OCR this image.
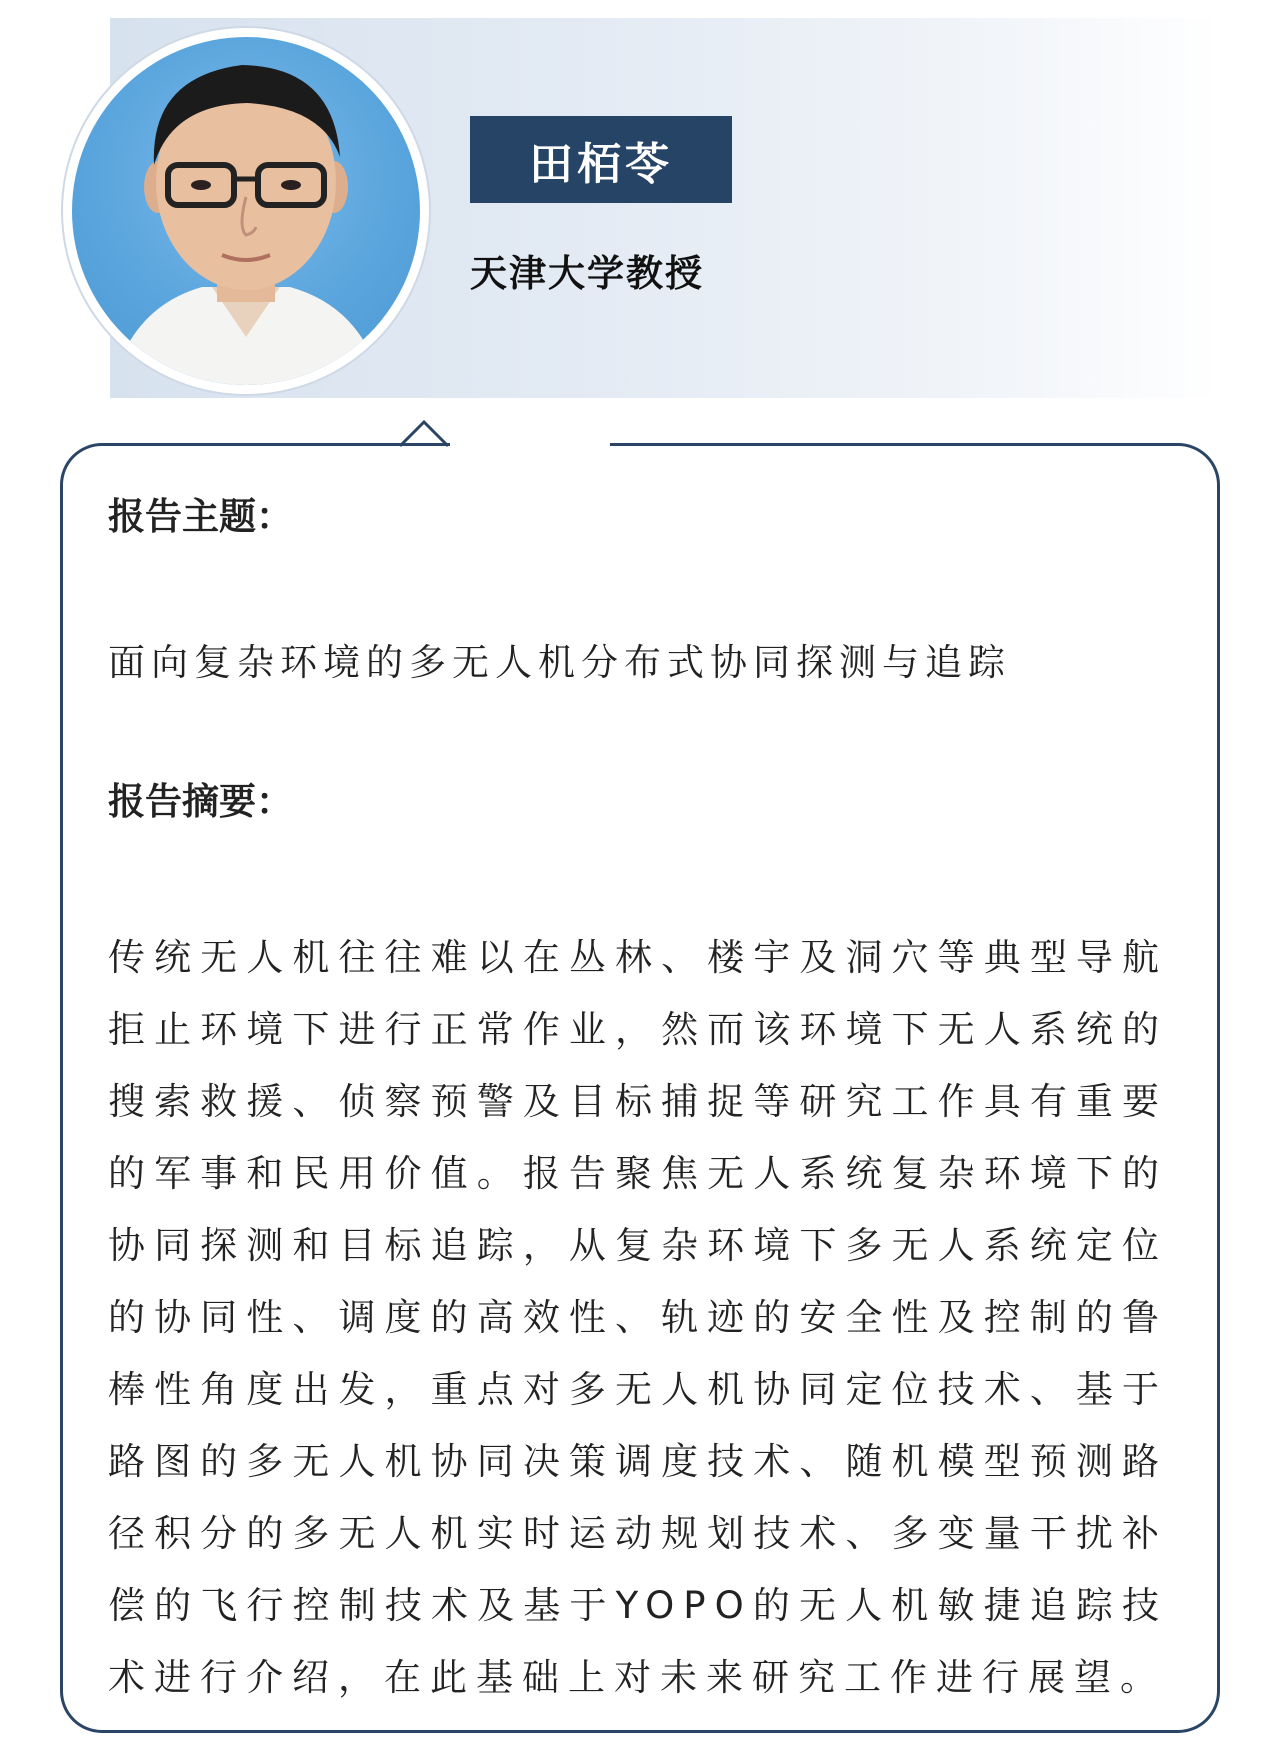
田栢苓
天津大学教授
报告主题：
面向复杂环境的多无人机分布式协同探测与追踪
报告摘要：
传统无人机往往难以在丛林、楼宇及洞穴等典型导航拒止环境下进行正常作业，然而该环境下无人系统的搜索救援、侦察预警及目标捕捉等研究工作具有重要的军事和民用价值。报告聚焦无人系统复杂环境下的协同探测和目标追踪，从复杂环境下多无人系统定位的协同性、调度的高效性、轨迹的安全性及控制的鲁棒性角度出发，重点对多无人机协同定位技术、基于路图的多无人机协同决策调度技术、随机模型预测路径积分的多无人机实时运动规划技术、多变量干扰补偿的飞行控制技术及基于YOPO的无人机敏捷追踪技术进行介绍，在此基础上对未来研究工作进行展望。
